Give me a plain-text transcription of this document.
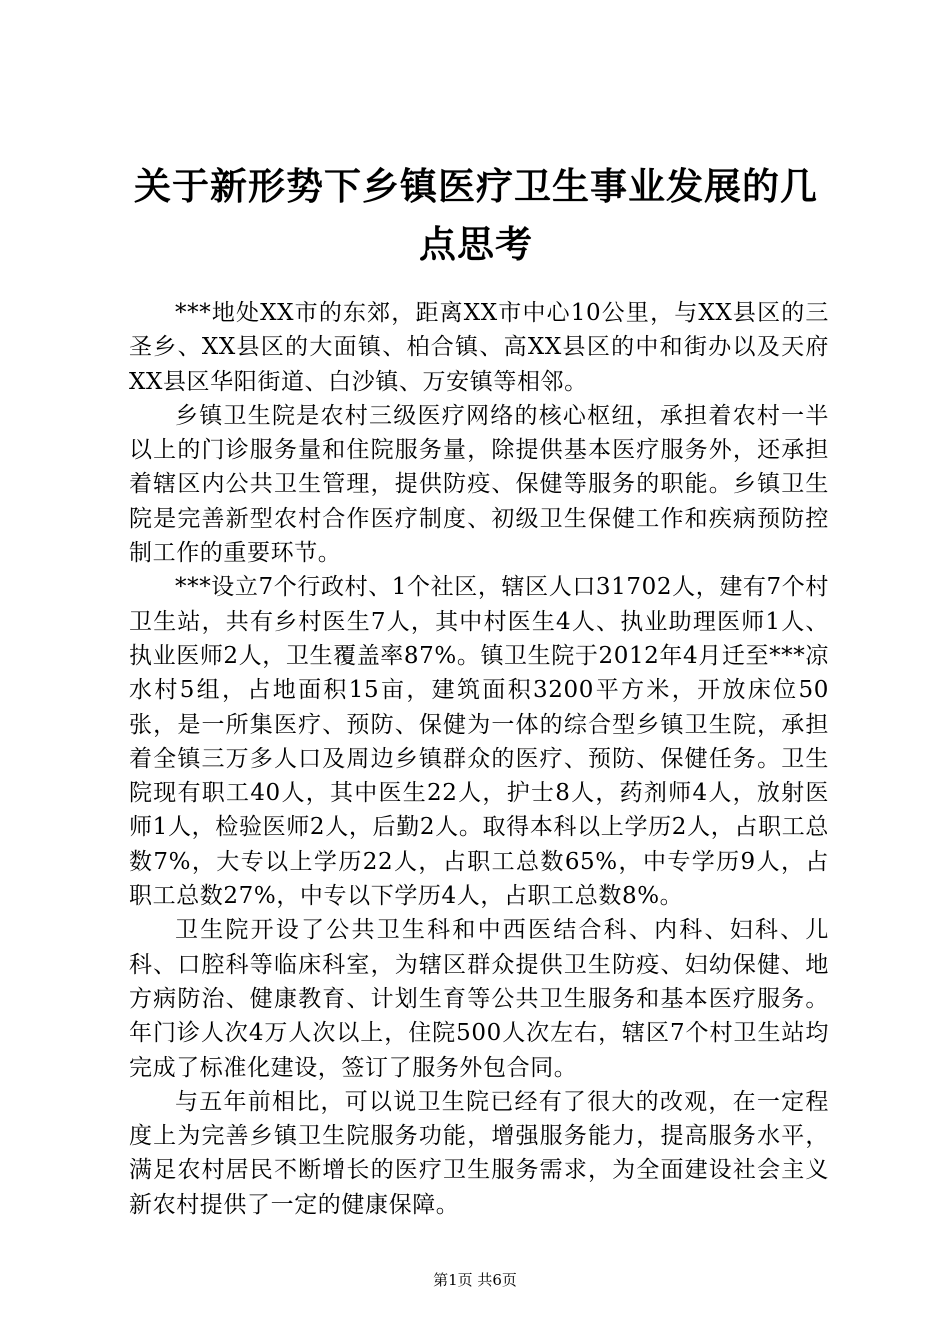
关于新形势下乡镇医疗卫生事业发展的几点思考

***地处XX市的东郊，距离XX市中心10公里，与XX县区的三圣乡、XX县区的大面镇、柏合镇、高XX县区的中和街办以及天府XX县区华阳街道、白沙镇、万安镇等相邻。

乡镇卫生院是农村三级医疗网络的核心枢纽，承担着农村一半以上的门诊服务量和住院服务量，除提供基本医疗服务外，还承担着辖区内公共卫生管理，提供防疫、保健等服务的职能。乡镇卫生院是完善新型农村合作医疗制度、初级卫生保健工作和疾病预防控制工作的重要环节。

***设立7个行政村、1个社区，辖区人口31702人，建有7个村卫生站，共有乡村医生7人，其中村医生4人、执业助理医师1人、执业医师2人，卫生覆盖率87%。镇卫生院于2012年4月迁至***凉水村5组，占地面积15亩，建筑面积3200平方米，开放床位50张，是一所集医疗、预防、保健为一体的综合型乡镇卫生院，承担着全镇三万多人口及周边乡镇群众的医疗、预防、保健任务。卫生院现有职工40人，其中医生22人，护士8人，药剂师4人，放射医师1人，检验医师2人，后勤2人。取得本科以上学历2人，占职工总数7%，大专以上学历22人，占职工总数65%，中专学历9人，占职工总数27%，中专以下学历4人，占职工总数8%。

卫生院开设了公共卫生科和中西医结合科、内科、妇科、儿科、口腔科等临床科室，为辖区群众提供卫生防疫、妇幼保健、地方病防治、健康教育、计划生育等公共卫生服务和基本医疗服务。年门诊人次4万人次以上，住院500人次左右，辖区7个村卫生站均完成了标准化建设，签订了服务外包合同。

与五年前相比，可以说卫生院已经有了很大的改观，在一定程度上为完善乡镇卫生院服务功能，增强服务能力，提高服务水平，满足农村居民不断增长的医疗卫生服务需求，为全面建设社会主义新农村提供了一定的健康保障。

第1页 共6页
